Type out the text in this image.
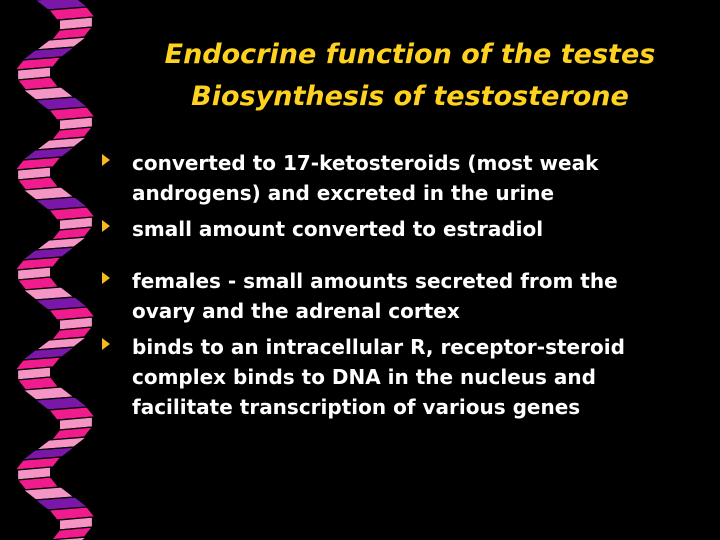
Endocrine function of the testes
Biosynthesis of testosterone
converted to 17-ketosteroids (most weak
androgens) and excreted in the urine
small amount converted to estradiol
females - small amounts secreted from the
ovary and the adrenal cortex
binds to an intracellular R, receptor-steroid
complex binds to DNA in the nucleus and
facilitate transcription of various genes
